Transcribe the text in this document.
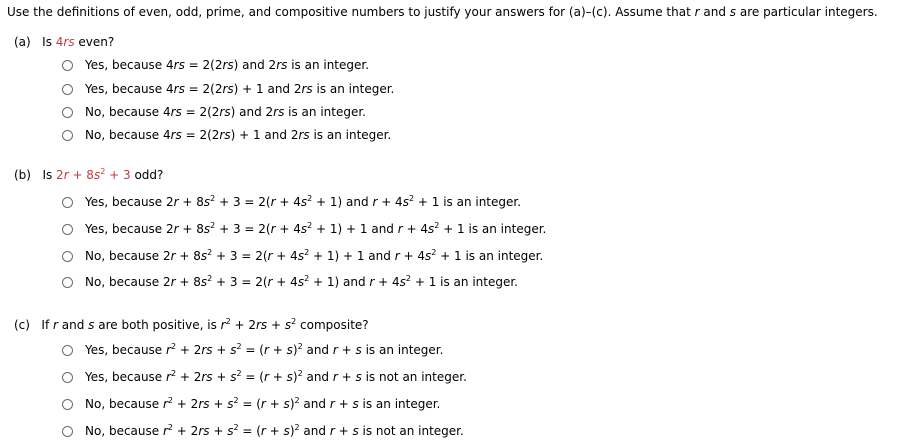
Use the definitions of even, odd, prime, and compositive numbers to justify your answers for (a)–(c). Assume that r and s are particular integers.
(a) Is 4rs even?
Yes, because 4rs = 2(2rs) and 2rs is an integer.
Yes, because 4rs = 2(2rs) + 1 and 2rs is an integer.
No, because 4rs = 2(2rs) and 2rs is an integer.
No, because 4rs = 2(2rs) + 1 and 2rs is an integer.
(b) Is $2r + 8s^2 + 3$ odd?
Yes, because $2r + 8s^2 + 3 = 2(r + 4s^2 + 1)$ and $r + 4s^2 + 1$ is an integer.
Yes, because $2r + 8s^2 + 3 = 2(r + 4s^2 + 1) + 1$ and $r + 4s^2 + 1$ is an integer.
No, because $2r + 8s^2 + 3 = 2(r + 4s^2 + 1) + 1$ and $r + 4s^2 + 1$ is an integer.
No, because $2r + 8s^2 + 3 = 2(r + 4s^2 + 1)$ and $r + 4s^2 + 1$ is an integer.
(c) If r and s are both positive, is $r^2 + 2rs + s^2$ composite?
Yes, because $r^2 + 2rs + s^2 = (r + s)^2$ and r + s is an integer.
Yes, because $r^2 + 2rs + s^2 = (r + s)^2$ and r + s is not an integer.
No, because $r^2 + 2rs + s^2 = (r + s)^2$ and r + s is an integer.
No, because $r^2 + 2rs + s^2 = (r + s)^2$ and r + s is not an integer.
